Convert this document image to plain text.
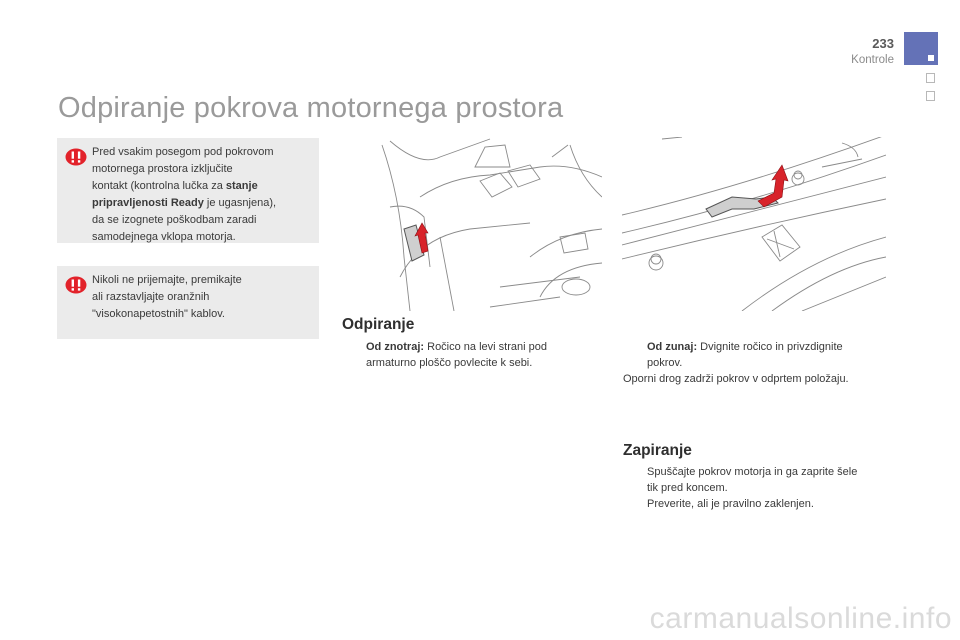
233
Kontrole
Odpiranje pokrova motornega prostora
Pred vsakim posegom pod pokrovom
motornega prostora izključite
kontakt (kontrolna lučka za stanje
pripravljenosti Ready je ugasnjena),
da se izognete poškodbam zaradi
samodejnega vklopa motorja.
Nikoli ne prijemajte, premikajte
ali razstavljajte oranžnih
"visokonapetostnih" kablov.
Odpiranje
Od znotraj: Ročico na levi strani pod
armaturno ploščo povlecite k sebi.
Od zunaj: Dvignite ročico in privzdignite
pokrov.
Oporni drog zadrži pokrov v odprtem položaju.
Zapiranje
Spuščajte pokrov motorja in ga zaprite šele
tik pred koncem.
Preverite, ali je pravilno zaklenjen.
carmanualsonline.info
